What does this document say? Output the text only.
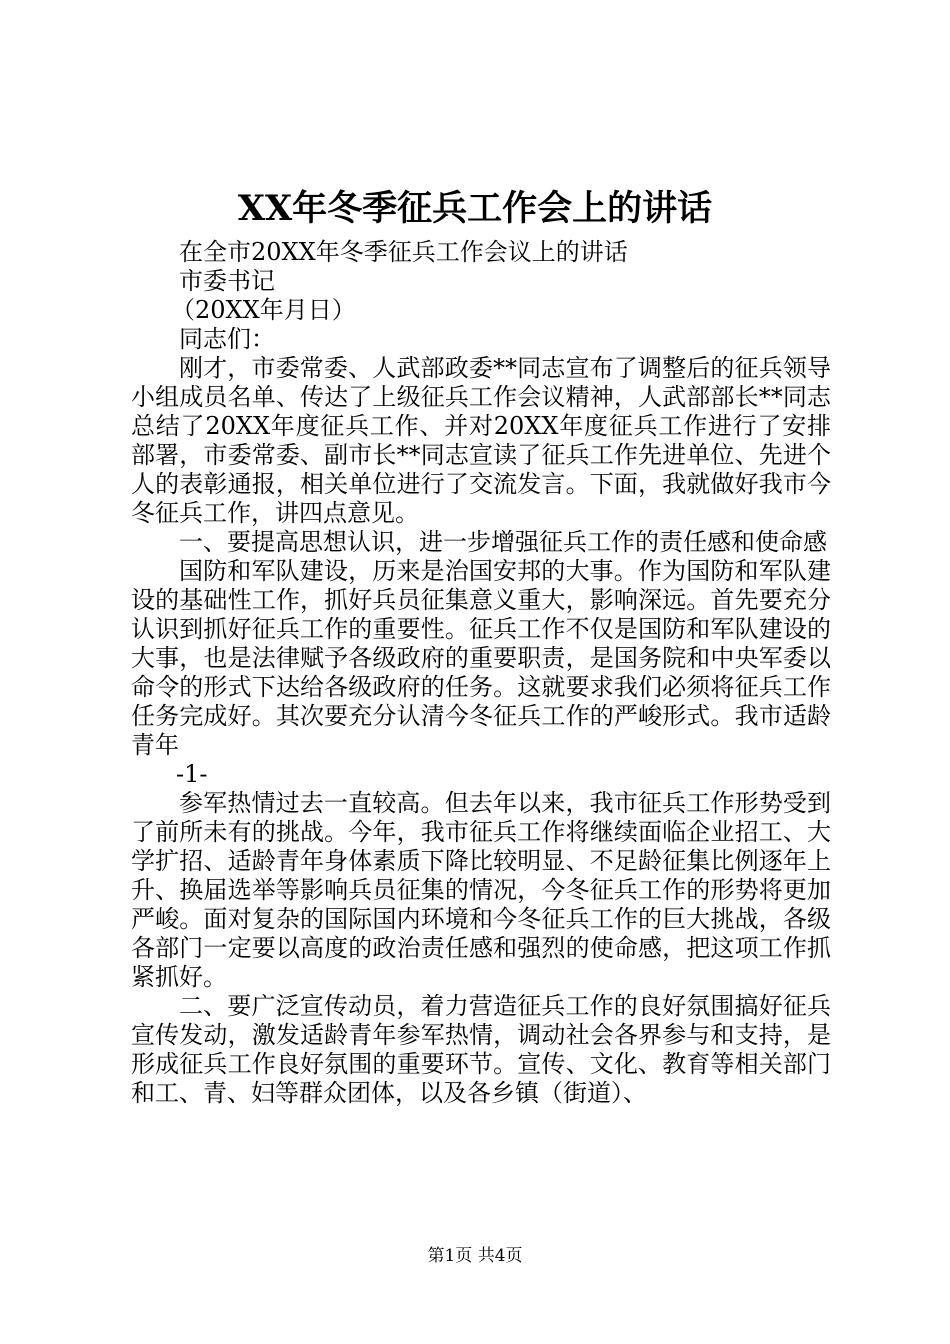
XX年冬季征兵工作会上的讲话
在全市20XX年冬季征兵工作会议上的讲话
市委书记
（20XX年月日）
同志们：
刚才，市委常委、人武部政委**同志宣布了调整后的征兵领导小组成员名单、传达了上级征兵工作会议精神，人武部部长**同志总结了20XX年度征兵工作、并对20XX年度征兵工作进行了安排部署，市委常委、副市长**同志宣读了征兵工作先进单位、先进个人的表彰通报，相关单位进行了交流发言。下面，我就做好我市今冬征兵工作，讲四点意见。
一、要提高思想认识，进一步增强征兵工作的责任感和使命感
国防和军队建设，历来是治国安邦的大事。作为国防和军队建设的基础性工作，抓好兵员征集意义重大，影响深远。首先要充分认识到抓好征兵工作的重要性。征兵工作不仅是国防和军队建设的大事，也是法律赋予各级政府的重要职责，是国务院和中央军委以命令的形式下达给各级政府的任务。这就要求我们必须将征兵工作任务完成好。其次要充分认清今冬征兵工作的严峻形式。我市适龄青年
-1-
参军热情过去一直较高。但去年以来，我市征兵工作形势受到了前所未有的挑战。今年，我市征兵工作将继续面临企业招工、大学扩招、适龄青年身体素质下降比较明显、不足龄征集比例逐年上升、换届选举等影响兵员征集的情况，今冬征兵工作的形势将更加严峻。面对复杂的国际国内环境和今冬征兵工作的巨大挑战，各级各部门一定要以高度的政治责任感和强烈的使命感，把这项工作抓紧抓好。
二、要广泛宣传动员，着力营造征兵工作的良好氛围搞好征兵宣传发动，激发适龄青年参军热情，调动社会各界参与和支持，是形成征兵工作良好氛围的重要环节。宣传、文化、教育等相关部门和工、青、妇等群众团体，以及各乡镇（街道）、
第1页 共4页
